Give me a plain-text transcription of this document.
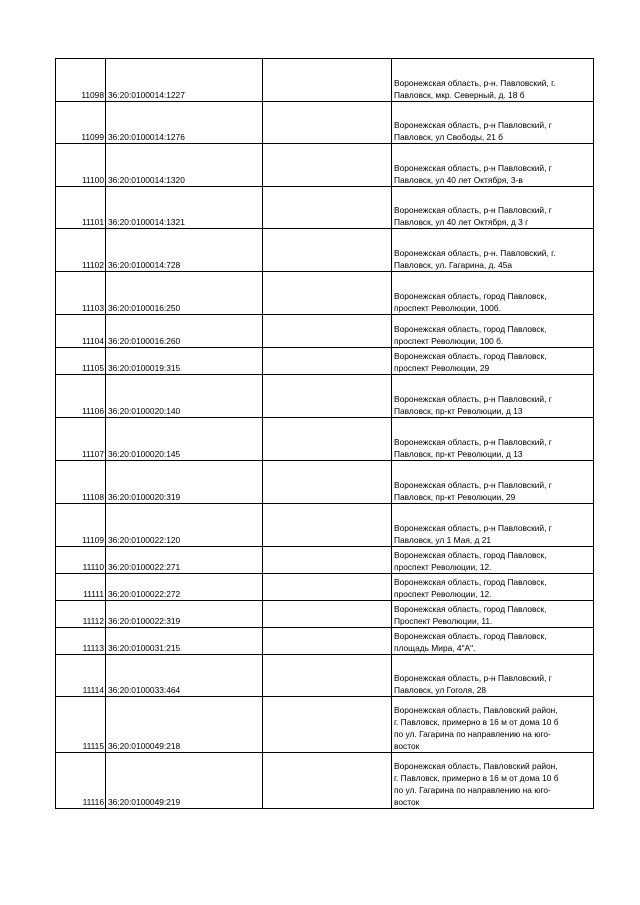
11098	36:20:0100014:1227		Воронежская область, р-н. Павловский, г.
Павловск, мкр. Северный, д. 18 б
11099	36:20:0100014:1276		Воронежская область, р-н Павловский, г
Павловск, ул Свободы, 21 б
11100	36:20:0100014:1320		Воронежская область, р-н Павловский, г
Павловск, ул 40 лет Октября, 3-в
11101	36:20:0100014:1321		Воронежская область, р-н Павловский, г
Павловск, ул 40 лет Октября, д 3 г
11102	36:20:0100014:728		Воронежская область, р-н. Павловский, г.
Павловск, ул. Гагарина, д. 45а
11103	36:20:0100016:250		Воронежская область, город Павловск,
проспект Революции, 100б.
11104	36:20:0100016:260		Воронежская область, город Павловск,
проспект Революции, 100 б.
11105	36:20:0100019:315		Воронежская область, город Павловск,
проспект Революции, 29
11106	36:20:0100020:140		Воронежская область, р-н Павловский, г
Павловск, пр-кт Революции, д 13
11107	36:20:0100020:145		Воронежская область, р-н Павловский, г
Павловск, пр-кт Революции, д 13
11108	36:20:0100020:319		Воронежская область, р-н Павловский, г
Павловск, пр-кт Революции, 29
11109	36:20:0100022:120		Воронежская область, р-н Павловский, г
Павловск, ул 1 Мая, д 21
11110	36:20:0100022:271		Воронежская область, город Павловск,
проспект Революции, 12.
11111	36:20:0100022:272		Воронежская область, город Павловск,
проспект Революции, 12.
11112	36:20:0100022:319		Воронежская область, город Павловск,
Проспект Революции, 11.
11113	36:20:0100031:215		Воронежская область, город Павловск,
площадь Мира, 4"А".
11114	36:20:0100033:464		Воронежская область, р-н Павловский, г
Павловск, ул Гоголя, 28
11115	36:20:0100049:218		Воронежская область, Павловский район,
г. Павловск, примерно в 16 м от дома 10 б
по ул. Гагарина по направлению на юго-
восток
11116	36:20:0100049:219		Воронежская область, Павловский район,
г. Павловск, примерно в 16 м от дома 10 б
по ул. Гагарина по направлению на юго-
восток
